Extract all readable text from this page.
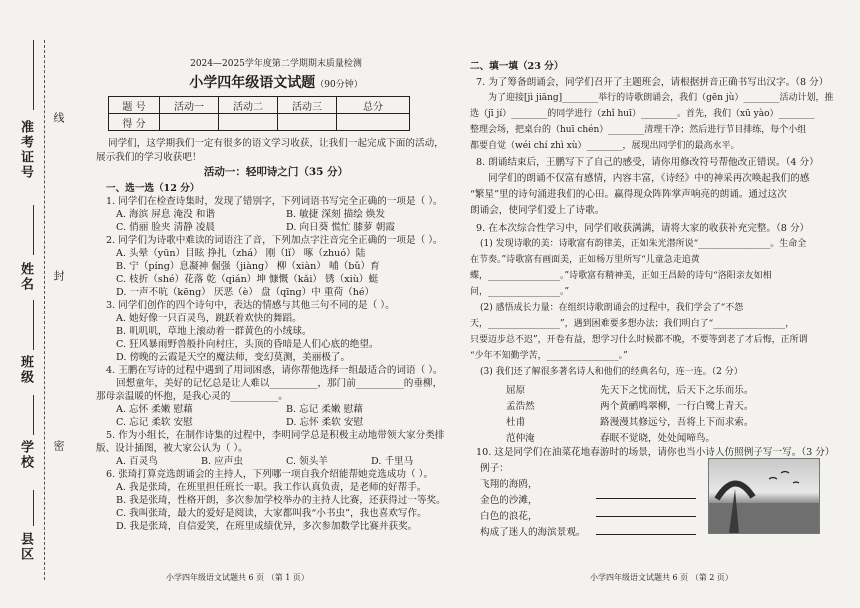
准考证号
线
姓名 封
班级
密
学校
县区
2024—2025学年度第二学期期末质量检测
小学四年级语文试题（90分钟）
题 号	活动一	活动二	活动三	总分
得 分				
同学们，这学期我们一定有很多的语文学习收获，让我们一起完成下面的活动，
展示我们的学习收获吧！
活动一：轻叩诗之门（35 分）
一、选一选（12 分）
1. 同学们在检查诗集时，发现了错别字，下列词语书写完全正确的一项是（ ）。
A. 海滨 屏息 淹没 和谐	B. 敏捷 深刻 描绘 焕发
C. 俏丽 脸夹 清静 凌晨	D. 向日葵 慌忙 膝萝 朝霞
2. 同学们为诗歌中难读的词语注了音，下列加点字注音完全正确的一项是（ ）。
A. 头晕（yūn）目眩 挣扎（zhá） 刚（lǐ） 啄（zhuó）陆
B. 宁（píng）息凝神 倔强（jiàng） 柳（xiàn） 哺（bǔ）育
C. 枝折（shé）花落 乾（qián）坤 慷慨（kǎi） 锈（xiù）蜓
D. 一声不吭（kēng） 厌恶（è） 盘（qīng）中 重荷（hé）
3. 同学们创作的四个诗句中，表达的情感与其他三句不同的是（ ）。
A. 她好像一只百灵鸟，跳跃着欢快的舞蹈。
B. 叽叽叽，草地上滚动着一群黄色的小绒球。
C. 狂风暴雨野兽般扑向村庄，头顶的昏暗是人们心底的绝望。
D. 傍晚的云霞是天空的魔法师，变幻莫测，美丽极了。
4. 王鹏在写诗的过程中遇到了用词困惑，请你帮他选择一组最适合的词语（ ）。
回想童年，美好的记忆总是让人难以__________，那门前__________的垂柳，
那母亲温暖的怀抱，是我心灵的__________。
A. 忘怀 柔嫩 慰藉	B. 忘记 柔嫩 慰藉
C. 忘记 柔软 安慰	D. 忘怀 柔软 安慰
5. 作为小组长，在制作诗集的过程中，李明同学总是积极主动地带领大家分类排
版、设计插图，被大家公认为（ ）。
A. 百灵鸟	B. 应声虫	C. 领头羊	D. 千里马
6. 张琦打算竞选朗诵会的主持人，下列哪一项自我介绍能帮她竞选成功（ ）。
A. 我是张琦，在班里担任班长一职。我工作认真负责，是老师的好帮手。
B. 我是张琦，性格开朗，多次参加学校举办的主持人比赛，还获得过一等奖。
C. 我叫张琦，最大的爱好是阅读，大家都叫我“小书虫”，我也喜欢写作。
D. 我是张琦，自信爱笑，在班里成绩优异，多次参加数学比赛并获奖。
小学四年级语文试题共 6 页 （第 1 页）
二、填一填（23 分）
7. 为了筹备朗诵会，同学们召开了主题班会，请根据拼音正确书写出汉字。（8 分）
为了迎接[jì jiāng]________举行的诗歌朗诵会，我们（gēn jù）________活动计划，推
选（jī jí）________的同学进行（zhǐ huī）________。首先，我们（xū yào）________
整理会场，把桌台的（huī chén）________清理干净；然后进行节目排练，每个小组
都要自觉（wéi chí zhì xù）________，展现出同学们的最高水平。
8. 朗诵结束后，王鹏写下了自己的感受，请你用修改符号帮他改正错误。（4 分）
同学们的朗诵不仅富有感情，内容丰富，《诗经》中的神采再次唤起我们的感
“繁星”里的诗句涌进我们的心田。赢得现众阵阵掌声响亮的朗诵。通过这次
朗诵会，使同学们爱上了诗歌。
9. 在本次综合性学习中，同学们收获满满，请将大家的收获补充完整。（8 分）
(1) 发现诗歌的美：诗歌富有韵律美，正如朱光潜所说“________________。生命全
在节奏。”诗歌富有画面美，正如杨万里所写“儿童急走追黄
蝶，________________。”诗歌富有精神美，正如王昌龄的诗句“洛阳亲友如相
问，________________。”
(2) 感悟成长力量：在组织诗歌朗诵会的过程中，我们学会了“不怨
天，________________”，遇到困难要多想办法；我们明白了“________________，
只要迈步总不迟”，开卷有益，想学习什么时候都不晚，不要等到老了才后悔，正所谓
“少年不知勤学苦，________________。”
(3) 我们还了解很多著名诗人和他们的经典名句，连一连。（2 分）
屈原	先天下之忧而忧，后天下之乐而乐。
孟浩然	两个黄鹂鸣翠柳，一行白鹭上青天。
杜甫	路漫漫其修远兮，吾将上下而求索。
范仲淹	春眠不觉晓，处处闻啼鸟。
10. 这是同学们在油菜花地春游时的场景，请你也当小诗人仿照例子写一写。（3 分）
例子：
飞翔的海鸥，
金色的沙滩，
白色的浪花，
构成了迷人的海滨景观。
小学四年级语文试题共 6 页 （第 2 页）
